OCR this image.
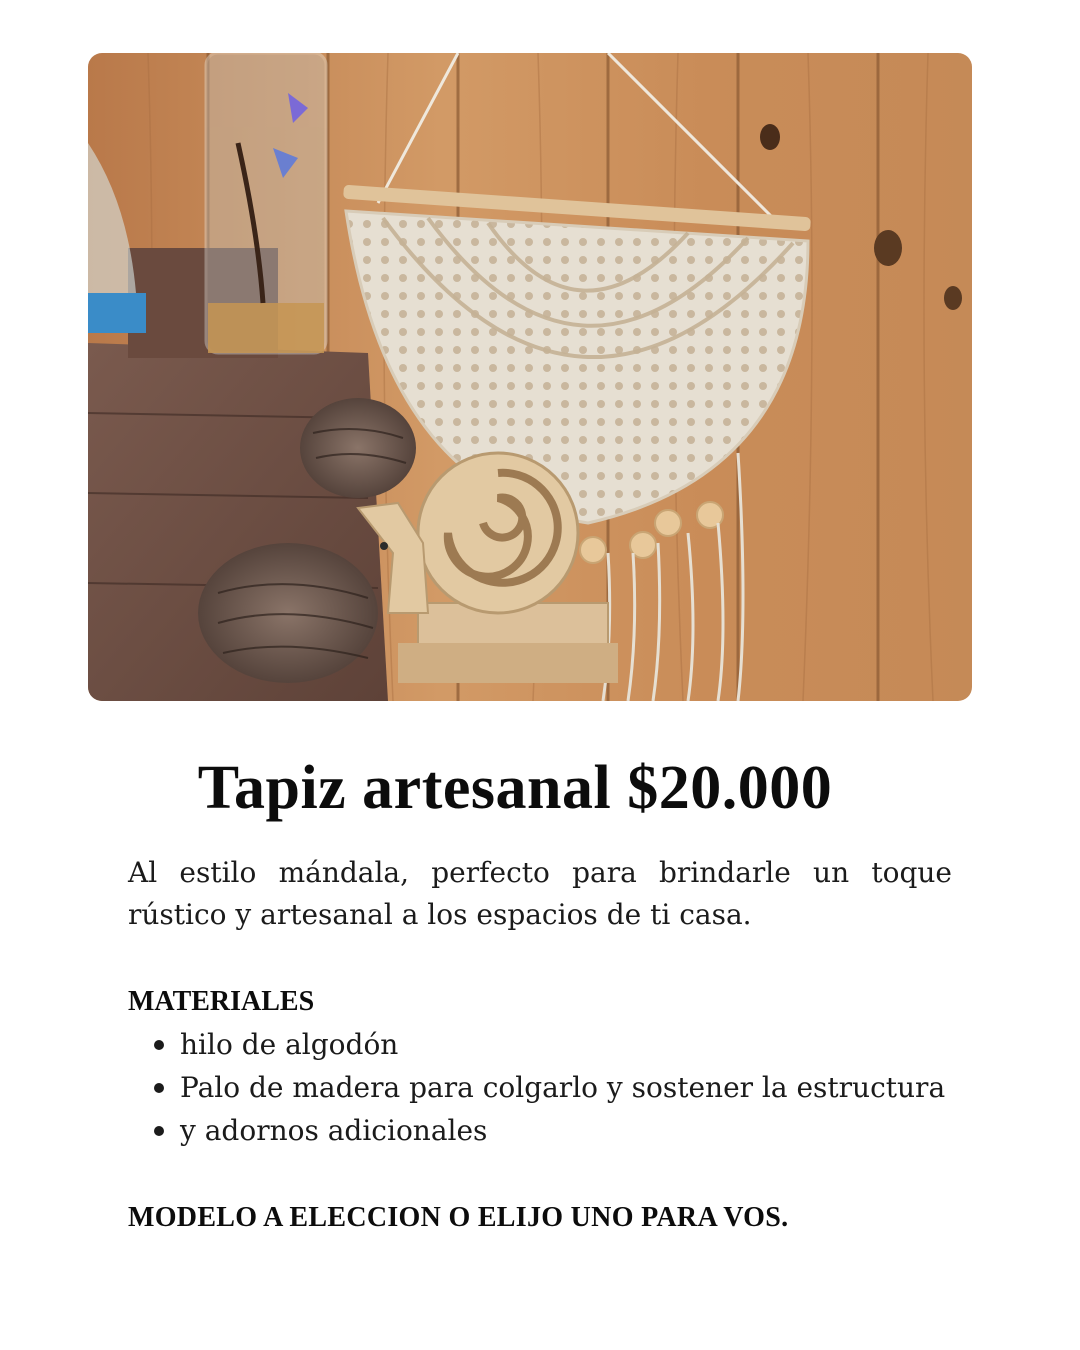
Tapiz artesanal $20.000

Al estilo mándala, perfecto para brindarle un toque rústico y artesanal a los espacios de ti casa.

MATERIALES
hilo de algodón
Palo de madera para colgarlo y sostener la estructura
y adornos adicionales
MODELO A ELECCION O ELIJO UNO PARA VOS.
